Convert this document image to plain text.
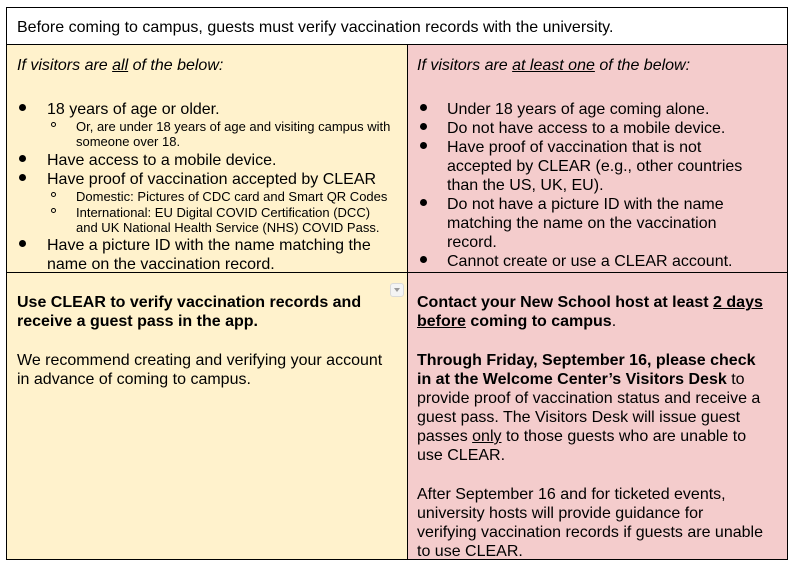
Before coming to campus, guests must verify vaccination records with the university.
If visitors are all of the below:
18 years of age or older.
Or, are under 18 years of age and visiting campus with
someone over 18.
Have access to a mobile device.
Have proof of vaccination accepted by CLEAR
Domestic: Pictures of CDC card and Smart QR Codes
International: EU Digital COVID Certification (DCC)
and UK National Health Service (NHS) COVID Pass.
Have a picture ID with the name matching the
name on the vaccination record.
If visitors are at least one of the below:
Under 18 years of age coming alone.
Do not have access to a mobile device.
Have proof of vaccination that is not
accepted by CLEAR (e.g., other countries
than the US, UK, EU).
Do not have a picture ID with the name
matching the name on the vaccination
record.
Cannot create or use a CLEAR account.
Use CLEAR to verify vaccination records and
receive a guest pass in the app.
We recommend creating and verifying your account
in advance of coming to campus.
Contact your New School host at least 2 days
before coming to campus.
Through Friday, September 16, please check
in at the Welcome Center’s Visitors Desk to
provide proof of vaccination status and receive a
guest pass. The Visitors Desk will issue guest
passes only to those guests who are unable to
use CLEAR.
After September 16 and for ticketed events,
university hosts will provide guidance for
verifying vaccination records if guests are unable
to use CLEAR.
